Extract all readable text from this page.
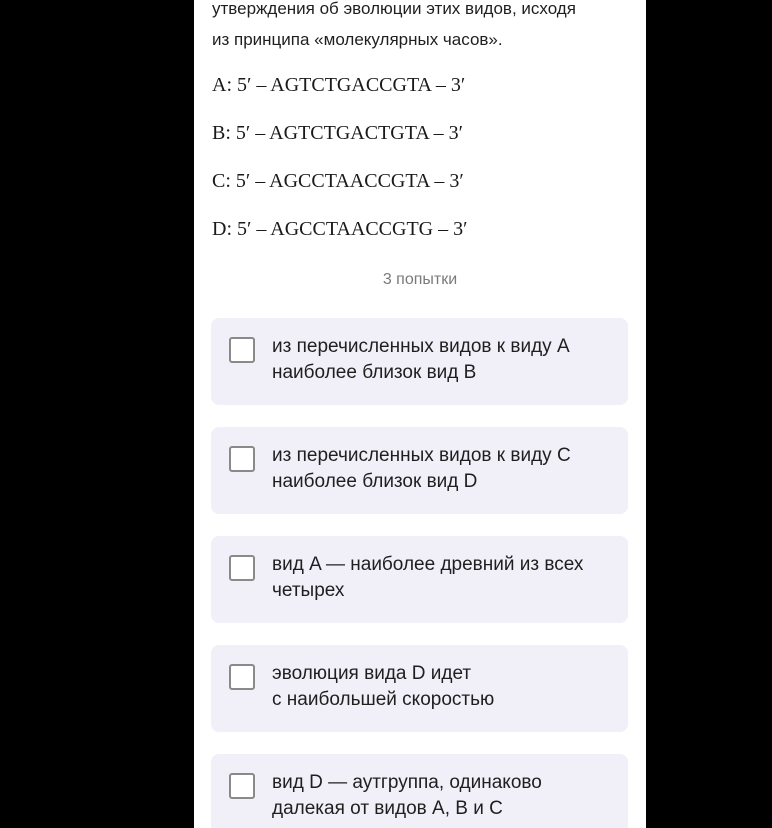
утверждения об эволюции этих видов, исходя
из принципа «молекулярных часов».
A: 5′ – AGTCTGACCGTA – 3′
B: 5′ – AGTCTGACTGTA – 3′
C: 5′ – AGCCTAACCGTA – 3′
D: 5′ – AGCCTAACCGTG – 3′
3 попытки
из перечисленных видов к виду A
наиболее близок вид B
из перечисленных видов к виду C
наиболее близок вид D
вид A — наиболее древний из всех
четырех
эволюция вида D идет
с наибольшей скоростью
вид D — аутгруппа, одинаково
далекая от видов A, B и C
